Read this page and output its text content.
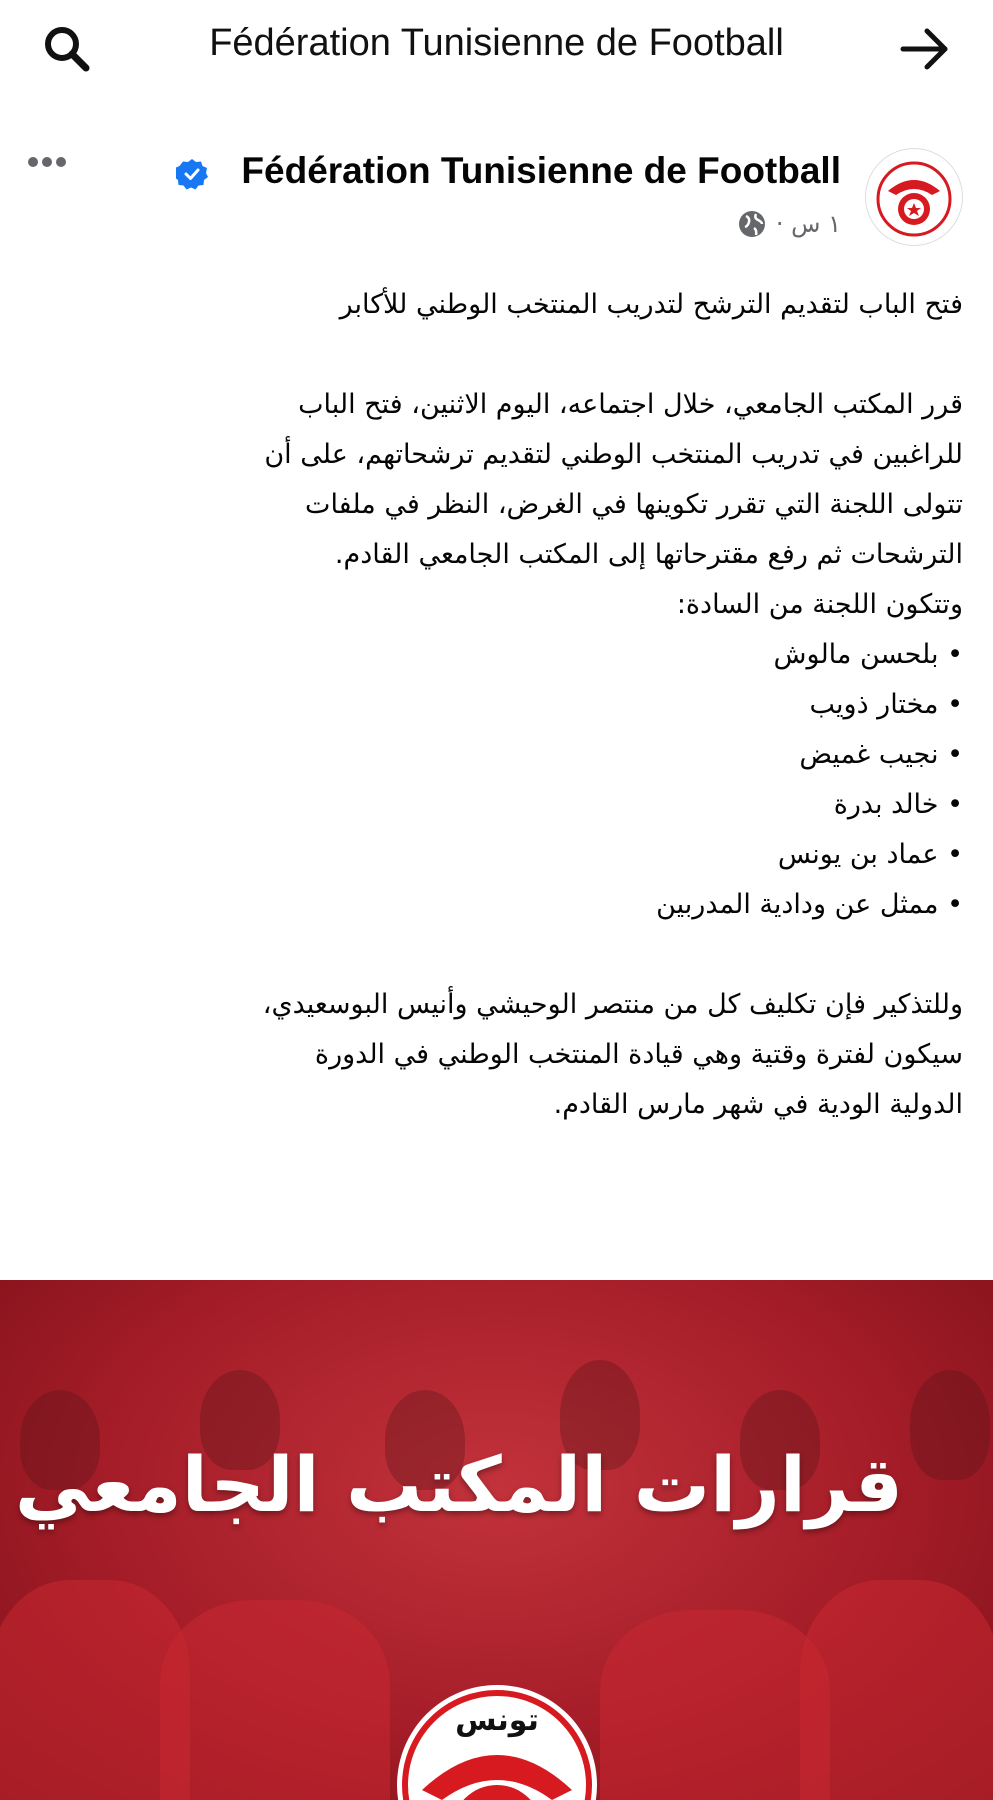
Fédération Tunisienne de Football
Fédération Tunisienne de Football
١ س ·
فتح الباب لتقديم الترشح لتدريب المنتخب الوطني للأكابر
قرر المكتب الجامعي، خلال اجتماعه، اليوم الاثنين، فتح الباب
للراغبين في تدريب المنتخب الوطني لتقديم ترشحاتهم، على أن
تتولى اللجنة التي تقرر تكوينها في الغرض، النظر في ملفات
الترشحات ثم رفع مقترحاتها إلى المكتب الجامعي القادم.
وتتكون اللجنة من السادة:
• بلحسن مالوش
• مختار ذويب
• نجيب غميض
• خالد بدرة
• عماد بن يونس
• ممثل عن ودادية المدربين
وللتذكير فإن تكليف كل من منتصر الوحيشي وأنيس البوسعيدي،
سيكون لفترة وقتية وهي قيادة المنتخب الوطني في الدورة
الدولية الودية في شهر مارس القادم.
قرارات المكتب الجامعي
تونس
